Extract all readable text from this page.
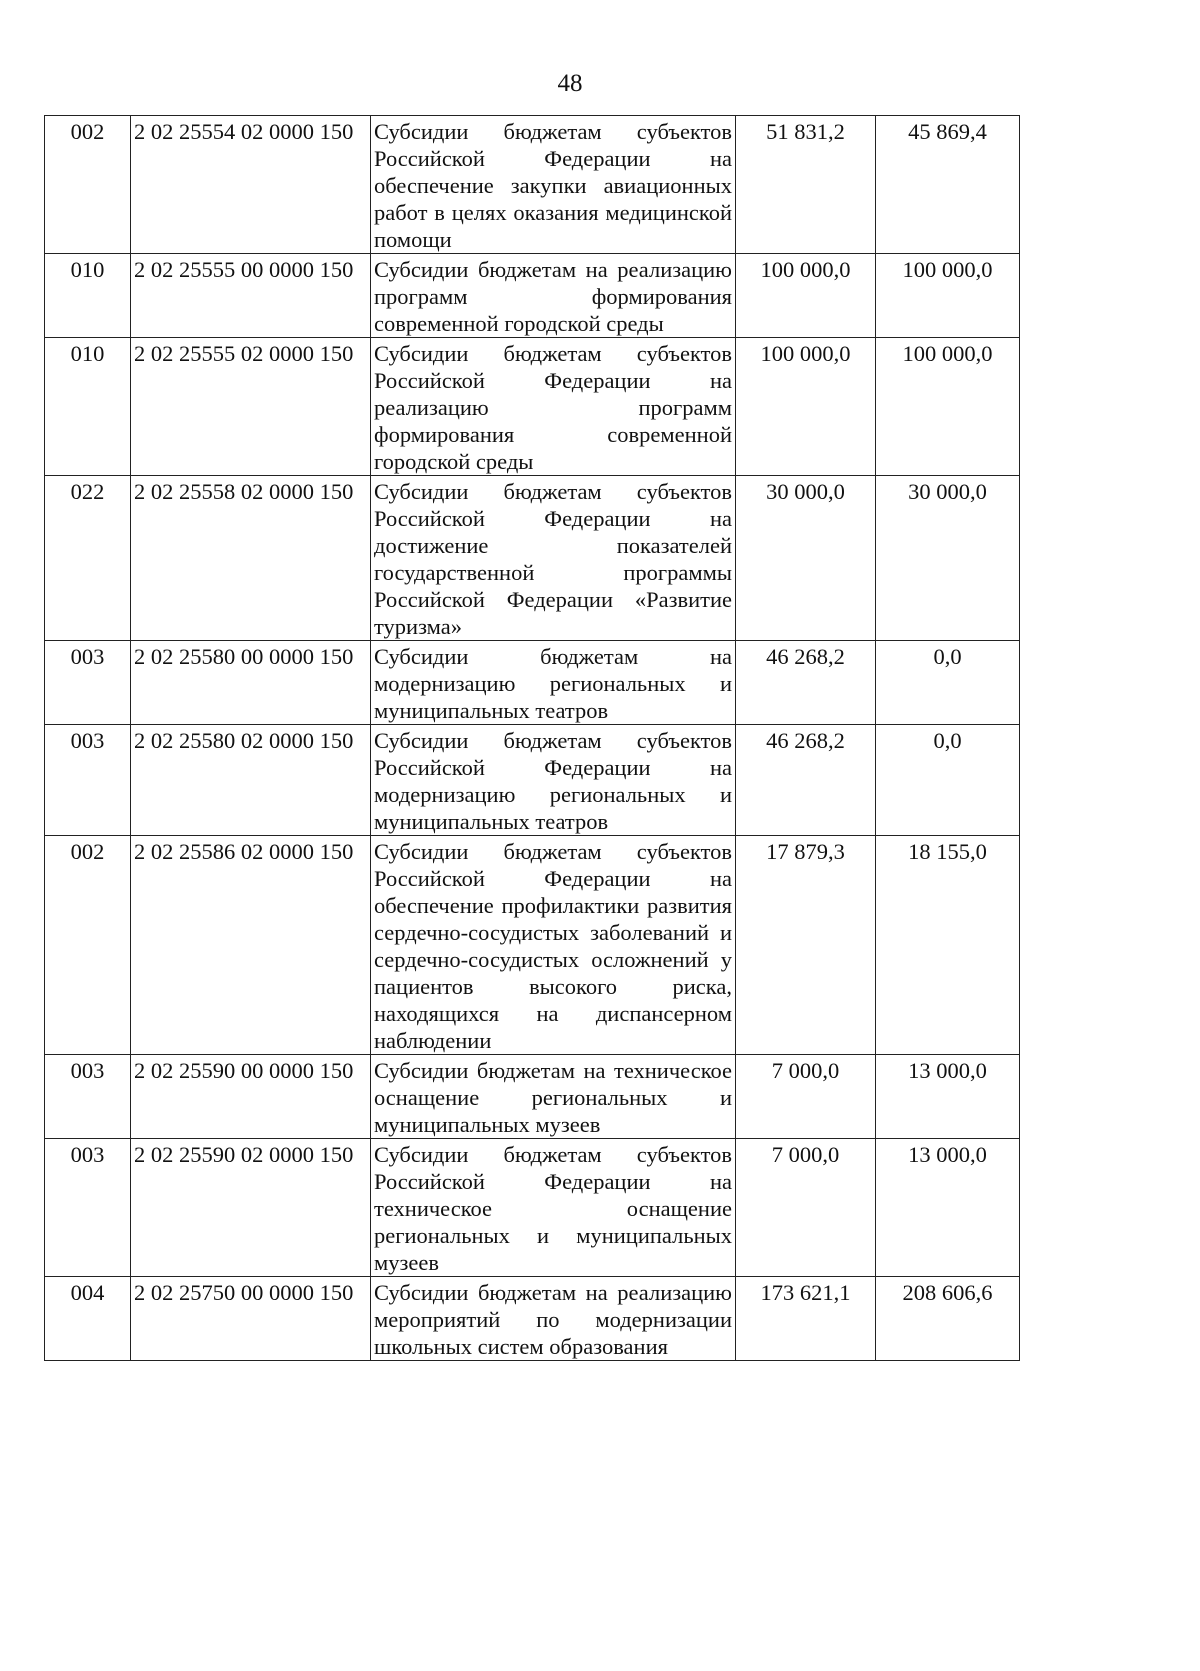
48
002	2 02 25554 02 0000 150	Субсидии бюджетам субъектов Российской Федерации на обеспечение закупки авиационных работ в целях оказания медицинской помощи	51 831,2	45 869,4
010	2 02 25555 00 0000 150	Субсидии бюджетам на реализацию программ формирования современной городской среды	100 000,0	100 000,0
010	2 02 25555 02 0000 150	Субсидии бюджетам субъектов Российской Федерации на реализацию программ формирования современной городской среды	100 000,0	100 000,0
022	2 02 25558 02 0000 150	Субсидии бюджетам субъектов Российской Федерации на достижение показателей государственной программы Российской Федерации «Развитие туризма»	30 000,0	30 000,0
003	2 02 25580 00 0000 150	Субсидии бюджетам на модернизацию региональных и муниципальных театров	46 268,2	0,0
003	2 02 25580 02 0000 150	Субсидии бюджетам субъектов Российской Федерации на модернизацию региональных и муниципальных театров	46 268,2	0,0
002	2 02 25586 02 0000 150	Субсидии бюджетам субъектов Российской Федерации на обеспечение профилактики развития сердечно-сосудистых заболеваний и сердечно-сосудистых осложнений у пациентов высокого риска, находящихся на диспансерном наблюдении	17 879,3	18 155,0
003	2 02 25590 00 0000 150	Субсидии бюджетам на техническое оснащение региональных и муниципальных музеев	7 000,0	13 000,0
003	2 02 25590 02 0000 150	Субсидии бюджетам субъектов Российской Федерации на техническое оснащение региональных и муниципальных музеев	7 000,0	13 000,0
004	2 02 25750 00 0000 150	Субсидии бюджетам на реализацию мероприятий по модернизации школьных систем образования	173 621,1	208 606,6
